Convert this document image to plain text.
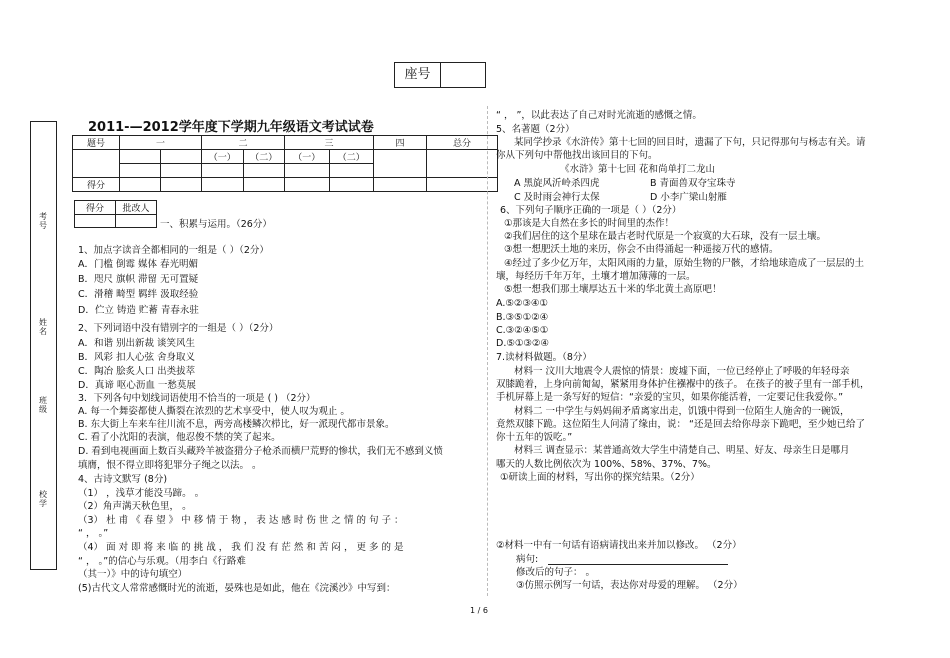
座号
2011-—2012学年度下学期九年级语文考试试卷
题号	一		二		三		四	总分
			（一）	（二）	（一）	（二）		

得分								
得分	批改人

考号
姓名
班级
校学
一、积累与运用。（26分）
1、加点字读音全都相同的一组是（ ）（2分）
A．门槛 倒霉 媒体 春光明媚
B．咫尺 旗帜 滞留 无可置疑
C．滑稽 畸型 羁绊 汲取经验
D．伫立 铸造 贮蓄 青春永驻
2、下列词语中没有错别字的一组是（ ）（2分）
A．和谐 别出新裁 谈笑风生
B．风彩 扣人心弦 舍身取义
C．陶冶 脍炙人口 出类拔萃
D．真谛 呕心沥血 一愁莫展
3．下列各句中划线词语使用不恰当的一项是 ( ) （2分）
A. 每一个舞姿都使人撕裂在浓烈的艺术享受中，使人叹为观止 。
B. 东大街上车来车往川流不息，两旁高楼鳞次栉比，好一派现代都市景象。
C. 看了小沈阳的表演，他忍俊不禁的笑了起来。
D. 看到电视画面上数百头藏羚羊被盗猎分子枪杀而横尸荒野的惨状，我们无不感到义愤
填膺，恨不得立即将犯罪分子绳之以法。 。
4、古诗文默写 (8分)
（1） ，浅草才能没马蹄。 。
（2）角声满天秋色里， 。
（3） 杜 甫 《 春 望 》 中 移 情 于 物 ， 表 达 感 时 伤 世 之 情 的 句 子 ：
“ ， 。”
（4） 面 对 即 将 来 临 的 挑 战 ， 我 们 没 有 茫 然 和 苦 闷 ， 更 多 的 是
“ ， 。”的信心与乐观。（用李白《行路难
（其一）》中的诗句填空）
(5)古代文人常常感慨时光的流逝，晏殊也是如此，他在《浣溪沙》中写到：
“ ， ”，以此表达了自己对时光流逝的感慨之情。
5、名著题（2分）
某同学抄录《水浒传》第十七回的回目时，遗漏了下句，只记得那句与杨志有关。请
你从下列句中帮他找出该回目的下句。
《水浒》第十七回 花和尚单打二龙山
A 黑旋风沂岭杀四虎	B 青面兽双夺宝珠寺
C 及时雨会神行太保	D 小李广梁山射雁
6、下列句子顺序正确的一项是（ ）（2分）
①那该是大自然在多长的时间里的杰作！
②我们居住的这个星球在最古老时代原是一个寂寞的大石球，没有一层土壤。
③想一想肥沃土地的来历，你会不由得涌起一种遥接万代的感情。
④经过了多少亿万年，太阳风雨的力量，原始生物的尸骸，才给地球造成了一层层的土
壤，每经历千年万年，土壤才增加薄薄的一层。
⑤想一想我们那土壤厚达五十米的华北黄土高原吧！
A.⑤②③④①
B.③⑤①②④
C.③②④⑤①
D.⑤①③②④
7.读材料做题。（8分）
材料一 汶川大地震令人震惊的情景：废墟下面，一位已经停止了呼吸的年轻母亲
双膝跪着，上身向前匍匐，紧紧用身体护住襁褓中的孩子。 在孩子的被子里有一部手机，
手机屏幕上是一条写好的短信：“亲爱的宝贝，如果你能活着，一定要记住我爱你。”
材料二 一中学生与妈妈闹矛盾离家出走，饥饿中得到一位陌生人施舍的一碗饭，
竟然双膝下跪。这位陌生人问清了缘由，说： “还是回去给你母亲下跪吧，至少她已给了
你十五年的饭吃。”
材料三 调查显示：某普通高效大学生中清楚自己、明星、好友、母亲生日是哪月
哪天的人数比例依次为 100%、58%、37%、7%。
①研读上面的材料，写出你的探究结果。（2分）
②材料一中有一句话有语病请找出来并加以修改。 （2分）
病句:
修改后的句子： 。
③仿照示例写一句话，表达你对母爱的理解。 （2分）
1 / 6
